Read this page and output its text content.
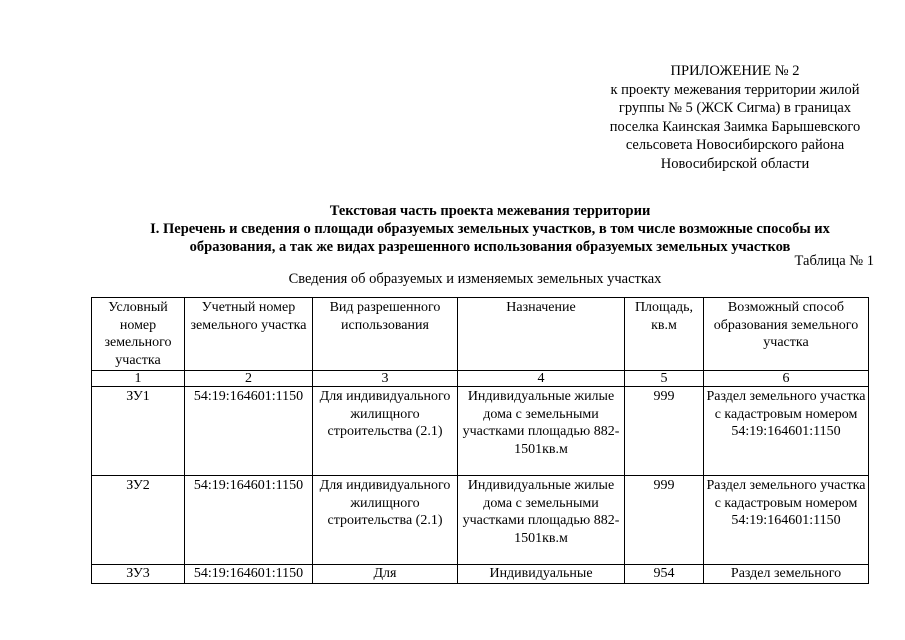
ПРИЛОЖЕНИЕ № 2
к проекту межевания территории жилой
группы № 5 (ЖСК Сигма) в границах
поселка Каинская Заимка Барышевского
сельсовета Новосибирского района
Новосибирской области
Текстовая часть проекта межевания территории
I. Перечень и сведения о площади образуемых земельных участков, в том числе возможные способы их
образования, а так же видах разрешенного использования образуемых земельных участков
Таблица № 1
Сведения об образуемых и изменяемых земельных участках
Условный номер земельного участка	Учетный номер земельного участка	Вид разрешенного использования	Назначение	Площадь, кв.м	Возможный способ образования земельного участка
1	2	3	4	5	6
ЗУ1	54:19:164601:1150	Для индивидуального жилищного строительства (2.1)	Индивидуальные жилые дома с земельными участками площадью 882-1501кв.м	999	Раздел земельного участка с кадастровым номером 54:19:164601:1150
ЗУ2	54:19:164601:1150	Для индивидуального жилищного строительства (2.1)	Индивидуальные жилые дома с земельными участками площадью 882-1501кв.м	999	Раздел земельного участка с кадастровым номером 54:19:164601:1150
ЗУ3	54:19:164601:1150	Для	Индивидуальные	954	Раздел земельного
